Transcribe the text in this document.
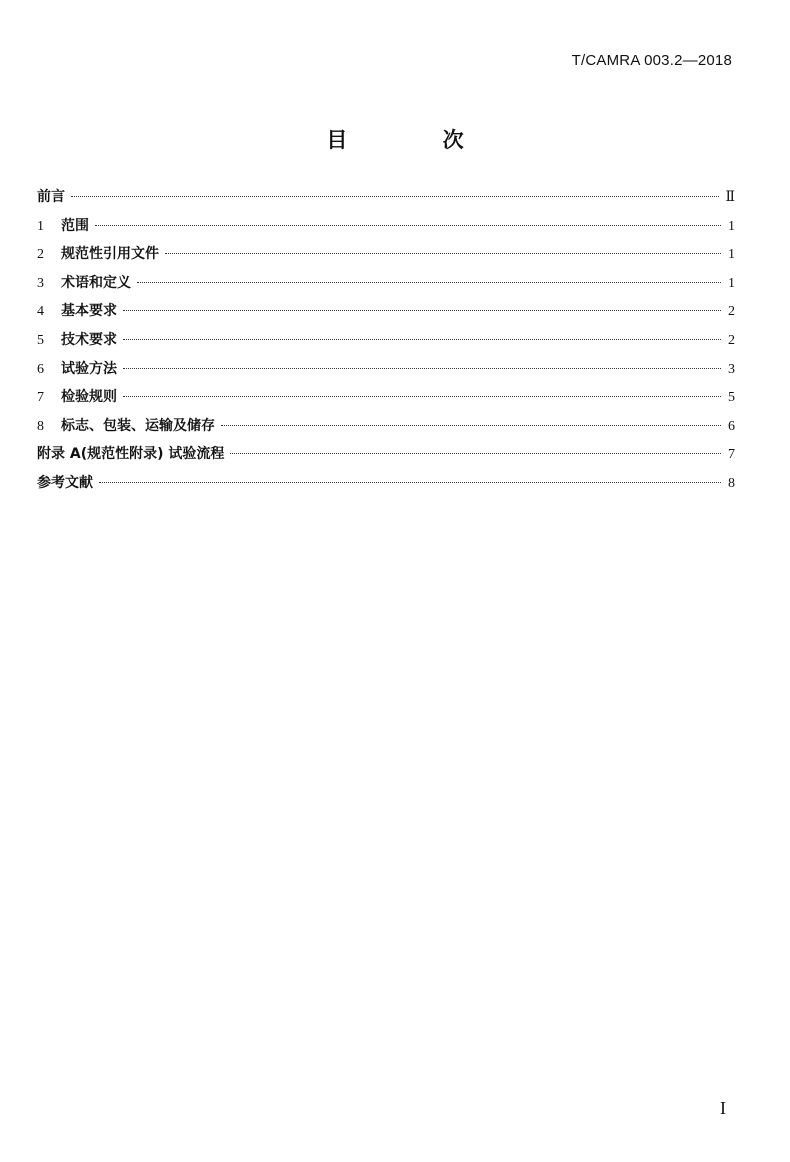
T/CAMRA 003.2—2018
目 次
前言	Ⅱ
1	范围	1
2	规范性引用文件	1
3	术语和定义	1
4	基本要求	2
5	技术要求	2
6	试验方法	3
7	检验规则	5
8	标志、包装、运输及储存	6
附录 A(规范性附录) 试验流程	7
参考文献	8
I
